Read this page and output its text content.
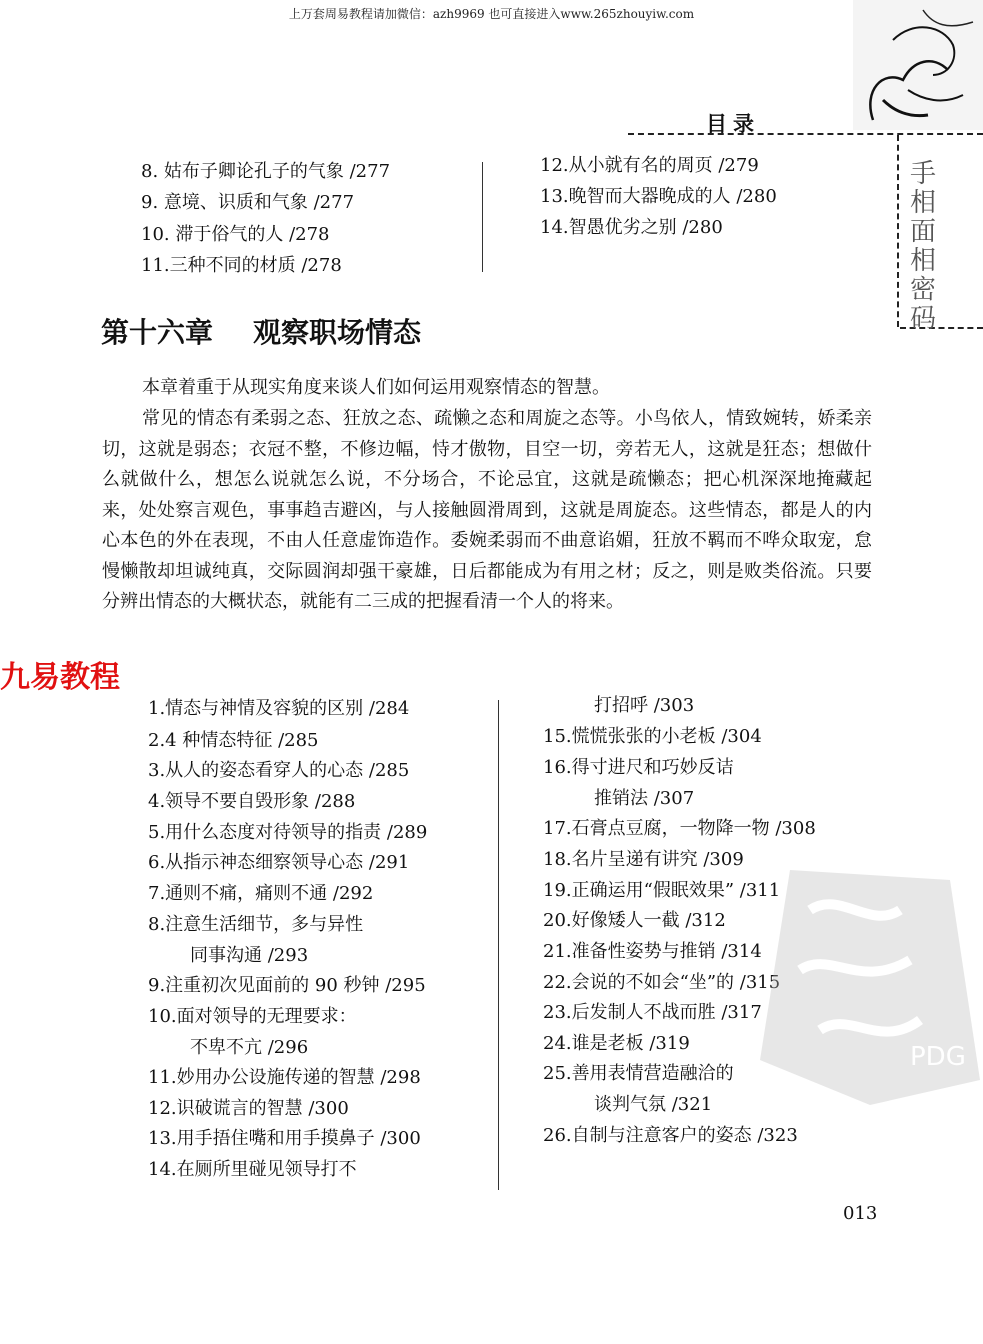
上万套周易教程请加微信：azh9969 也可直接进入www.265zhouyiw.com
目录
手
相
面
相
密
码
8. 姑布子卿论孔子的气象 /277
9. 意境、识质和气象 /277
10. 滞于俗气的人 /278
11.三种不同的材质 /278
12.从小就有名的周页 /279
13.晚智而大器晚成的人 /280
14.智愚优劣之别 /280
第十六章 观察职场情态
本章着重于从现实角度来谈人们如何运用观察情态的智慧。
常见的情态有柔弱之态、狂放之态、疏懒之态和周旋之态等。小鸟依人，情致婉转，娇柔亲切，这就是弱态；衣冠不整，不修边幅，恃才傲物，目空一切，旁若无人，这就是狂态；想做什么就做什么，想怎么说就怎么说，不分场合，不论忌宜，这就是疏懒态；把心机深深地掩藏起来，处处察言观色，事事趋吉避凶，与人接触圆滑周到，这就是周旋态。这些情态，都是人的内心本色的外在表现，不由人任意虚饰造作。委婉柔弱而不曲意谄媚，狂放不羁而不哗众取宠，怠慢懒散却坦诚纯真，交际圆润却强干豪雄，日后都能成为有用之材；反之，则是败类俗流。只要分辨出情态的大概状态，就能有二三成的把握看清一个人的将来。
九易教程
1.情态与神情及容貌的区别 /284
2.4 种情态特征 /285
3.从人的姿态看穿人的心态 /285
4.领导不要自毁形象 /288
5.用什么态度对待领导的指责 /289
6.从指示神态细察领导心态 /291
7.通则不痛，痛则不通 /292
8.注意生活细节，多与异性
同事沟通 /293
9.注重初次见面前的 90 秒钟 /295
10.面对领导的无理要求：
不卑不亢 /296
11.妙用办公设施传递的智慧 /298
12.识破谎言的智慧 /300
13.用手捂住嘴和用手摸鼻子 /300
14.在厕所里碰见领导打不
打招呼 /303
15.慌慌张张的小老板 /304
16.得寸进尺和巧妙反诘
推销法 /307
17.石膏点豆腐，一物降一物 /308
18.名片呈递有讲究 /309
19.正确运用“假眠效果” /311
20.好像矮人一截 /312
21.准备性姿势与推销 /314
22.会说的不如会“坐”的 /315
23.后发制人不战而胜 /317
24.谁是老板 /319
25.善用表情营造融洽的
谈判气氛 /321
26.自制与注意客户的姿态 /323
PDG
013
